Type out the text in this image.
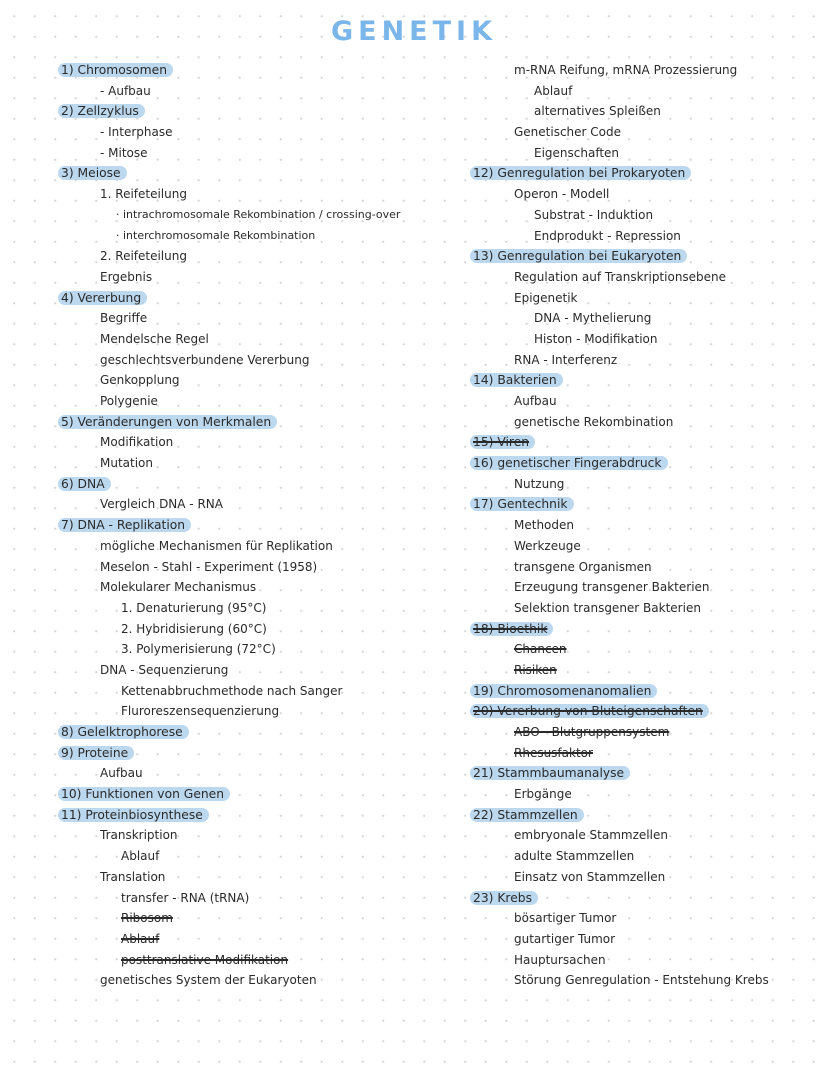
GENETIK
1) Chromosomen
- Aufbau
2) Zellzyklus
- Interphase
- Mitose
3) Meiose
1. Reifeteilung
· intrachromosomale Rekombination / crossing-over
· interchromosomale Rekombination
2. Reifeteilung
Ergebnis
4) Vererbung
Begriffe
Mendelsche Regel
geschlechtsverbundene Vererbung
Genkopplung
Polygenie
5) Veränderungen von Merkmalen
Modifikation
Mutation
6) DNA
Vergleich DNA - RNA
7) DNA - Replikation
mögliche Mechanismen für Replikation
Meselon - Stahl - Experiment (1958)
Molekularer Mechanismus
1. Denaturierung (95°C)
2. Hybridisierung (60°C)
3. Polymerisierung (72°C)
DNA - Sequenzierung
Kettenabbruchmethode nach Sanger
Fluroreszensequenzierung
8) Gelelktrophorese
9) Proteine
Aufbau
10) Funktionen von Genen
11) Proteinbiosynthese
Transkription
Ablauf
Translation
transfer - RNA (tRNA)
Ribosom
Ablauf
posttranslative Modifikation
genetisches System der Eukaryoten
m-RNA Reifung, mRNA Prozessierung
Ablauf
alternatives Spleißen
Genetischer Code
Eigenschaften
12) Genregulation bei Prokaryoten
Operon - Modell
Substrat - Induktion
Endprodukt - Repression
13) Genregulation bei Eukaryoten
Regulation auf Transkriptionsebene
Epigenetik
DNA - Mythelierung
Histon - Modifikation
RNA - Interferenz
14) Bakterien
Aufbau
genetische Rekombination
15) Viren
16) genetischer Fingerabdruck
Nutzung
17) Gentechnik
Methoden
Werkzeuge
transgene Organismen
Erzeugung transgener Bakterien
Selektion transgener Bakterien
18) Bioethik
Chancen
Risiken
19) Chromosomenanomalien
20) Vererbung von Bluteigenschaften
ABO - Blutgruppensystem
Rhesusfaktor
21) Stammbaumanalyse
Erbgänge
22) Stammzellen
embryonale Stammzellen
adulte Stammzellen
Einsatz von Stammzellen
23) Krebs
bösartiger Tumor
gutartiger Tumor
Hauptursachen
Störung Genregulation - Entstehung Krebs
